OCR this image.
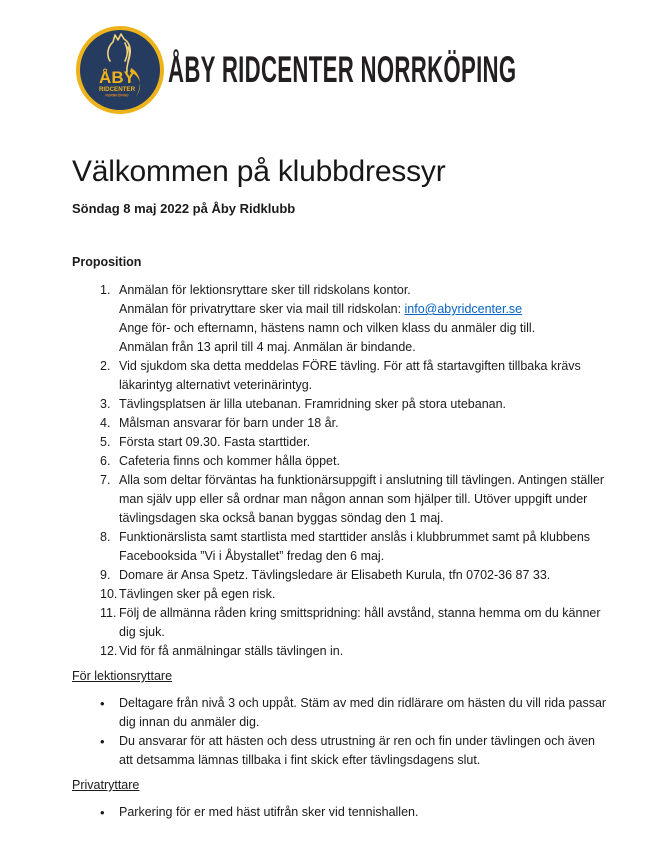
ÅBY
RIDCENTER
NORRKÖPING
ÅBY RIDCENTER NORRKÖPING
Välkommen på klubbdressyr

Söndag 8 maj 2022 på Åby Ridklubb

Proposition

1. Anmälan för lektionsryttare sker till ridskolans kontor.
Anmälan för privatryttare sker via mail till ridskolan: info@abyridcenter.se
Ange för- och efternamn, hästens namn och vilken klass du anmäler dig till.
Anmälan från 13 april till 4 maj. Anmälan är bindande.
2. Vid sjukdom ska detta meddelas FÖRE tävling. För att få startavgiften tillbaka krävs läkarintyg alternativt veterinärintyg.
3. Tävlingsplatsen är lilla utebanan. Framridning sker på stora utebanan.
4. Målsman ansvarar för barn under 18 år.
5. Första start 09.30. Fasta starttider.
6. Cafeteria finns och kommer hålla öppet.
7. Alla som deltar förväntas ha funktionärsuppgift i anslutning till tävlingen. Antingen ställer man själv upp eller så ordnar man någon annan som hjälper till. Utöver uppgift under tävlingsdagen ska också banan byggas söndag den 1 maj.
8. Funktionärslista samt startlista med starttider anslås i klubbrummet samt på klubbens Facebooksida ”Vi i Åbystallet” fredag den 6 maj.
9. Domare är Ansa Spetz. Tävlingsledare är Elisabeth Kurula, tfn 0702-36 87 33.
10. Tävlingen sker på egen risk.
11. Följ de allmänna råden kring smittspridning: håll avstånd, stanna hemma om du känner dig sjuk.
12. Vid för få anmälningar ställs tävlingen in.

För lektionsryttare

•
Deltagare från nivå 3 och uppåt. Stäm av med din ridlärare om hästen du vill rida passar dig innan du anmäler dig.
•
Du ansvarar för att hästen och dess utrustning är ren och fin under tävlingen och även att detsamma lämnas tillbaka i fint skick efter tävlingsdagens slut.

Privatryttare

•
Parkering för er med häst utifrån sker vid tennishallen.
